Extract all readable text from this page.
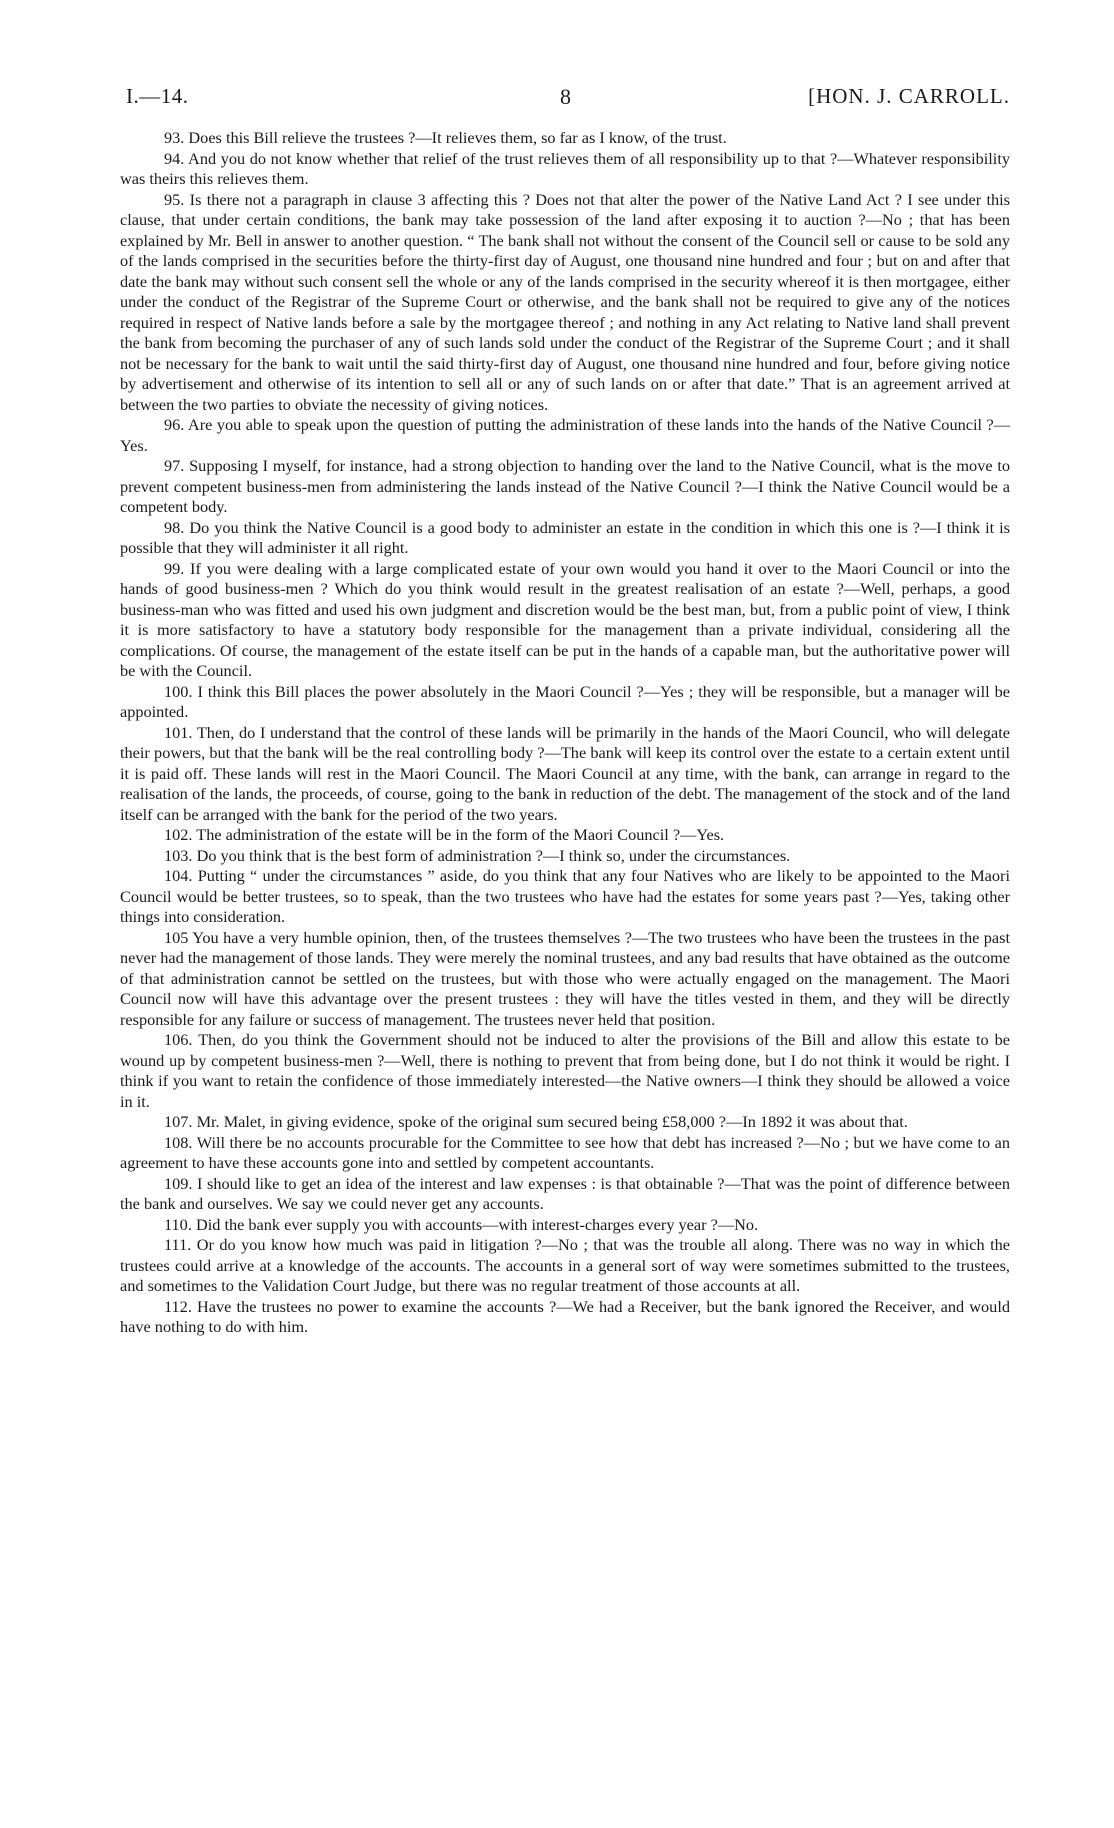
I.—14.	8	[HON. J. CARROLL.

93. Does this Bill relieve the trustees ?—It relieves them, so far as I know, of the trust.

94. And you do not know whether that relief of the trust relieves them of all responsibility up to that ?—Whatever responsibility was theirs this relieves them.

95. Is there not a paragraph in clause 3 affecting this ? Does not that alter the power of the Native Land Act ? I see under this clause, that under certain conditions, the bank may take possession of the land after exposing it to auction ?—No ; that has been explained by Mr. Bell in answer to another question. “ The bank shall not without the consent of the Council sell or cause to be sold any of the lands comprised in the securities before the thirty-first day of August, one thousand nine hundred and four ; but on and after that date the bank may without such consent sell the whole or any of the lands comprised in the security whereof it is then mortgagee, either under the conduct of the Registrar of the Supreme Court or otherwise, and the bank shall not be required to give any of the notices required in respect of Native lands before a sale by the mortgagee thereof ; and nothing in any Act relating to Native land shall prevent the bank from becoming the purchaser of any of such lands sold under the conduct of the Registrar of the Supreme Court ; and it shall not be necessary for the bank to wait until the said thirty-first day of August, one thousand nine hundred and four, before giving notice by advertisement and otherwise of its intention to sell all or any of such lands on or after that date.” That is an agreement arrived at between the two parties to obviate the necessity of giving notices.

96. Are you able to speak upon the question of putting the administration of these lands into the hands of the Native Council ?—Yes.

97. Supposing I myself, for instance, had a strong objection to handing over the land to the Native Council, what is the move to prevent competent business-men from administering the lands instead of the Native Council ?—I think the Native Council would be a competent body.

98. Do you think the Native Council is a good body to administer an estate in the condition in which this one is ?—I think it is possible that they will administer it all right.

99. If you were dealing with a large complicated estate of your own would you hand it over to the Maori Council or into the hands of good business-men ? Which do you think would result in the greatest realisation of an estate ?—Well, perhaps, a good business-man who was fitted and used his own judgment and discretion would be the best man, but, from a public point of view, I think it is more satisfactory to have a statutory body responsible for the management than a private individual, considering all the complications. Of course, the management of the estate itself can be put in the hands of a capable man, but the authoritative power will be with the Council.

100. I think this Bill places the power absolutely in the Maori Council ?—Yes ; they will be responsible, but a manager will be appointed.

101. Then, do I understand that the control of these lands will be primarily in the hands of the Maori Council, who will delegate their powers, but that the bank will be the real controlling body ?—The bank will keep its control over the estate to a certain extent until it is paid off. These lands will rest in the Maori Council. The Maori Council at any time, with the bank, can arrange in regard to the realisation of the lands, the proceeds, of course, going to the bank in reduction of the debt. The management of the stock and of the land itself can be arranged with the bank for the period of the two years.

102. The administration of the estate will be in the form of the Maori Council ?—Yes.

103. Do you think that is the best form of administration ?—I think so, under the circumstances.

104. Putting “ under the circumstances ” aside, do you think that any four Natives who are likely to be appointed to the Maori Council would be better trustees, so to speak, than the two trustees who have had the estates for some years past ?—Yes, taking other things into consideration.

105 You have a very humble opinion, then, of the trustees themselves ?—The two trustees who have been the trustees in the past never had the management of those lands. They were merely the nominal trustees, and any bad results that have obtained as the outcome of that administration cannot be settled on the trustees, but with those who were actually engaged on the management. The Maori Council now will have this advantage over the present trustees : they will have the titles vested in them, and they will be directly responsible for any failure or success of management. The trustees never held that position.

106. Then, do you think the Government should not be induced to alter the provisions of the Bill and allow this estate to be wound up by competent business-men ?—Well, there is nothing to prevent that from being done, but I do not think it would be right. I think if you want to retain the confidence of those immediately interested—the Native owners—I think they should be allowed a voice in it.

107. Mr. Malet, in giving evidence, spoke of the original sum secured being £58,000 ?—In 1892 it was about that.

108. Will there be no accounts procurable for the Committee to see how that debt has increased ?—No ; but we have come to an agreement to have these accounts gone into and settled by competent accountants.

109. I should like to get an idea of the interest and law expenses : is that obtainable ?—That was the point of difference between the bank and ourselves. We say we could never get any accounts.

110. Did the bank ever supply you with accounts—with interest-charges every year ?—No.

111. Or do you know how much was paid in litigation ?—No ; that was the trouble all along. There was no way in which the trustees could arrive at a knowledge of the accounts. The accounts in a general sort of way were sometimes submitted to the trustees, and sometimes to the Validation Court Judge, but there was no regular treatment of those accounts at all.

112. Have the trustees no power to examine the accounts ?—We had a Receiver, but the bank ignored the Receiver, and would have nothing to do with him.
